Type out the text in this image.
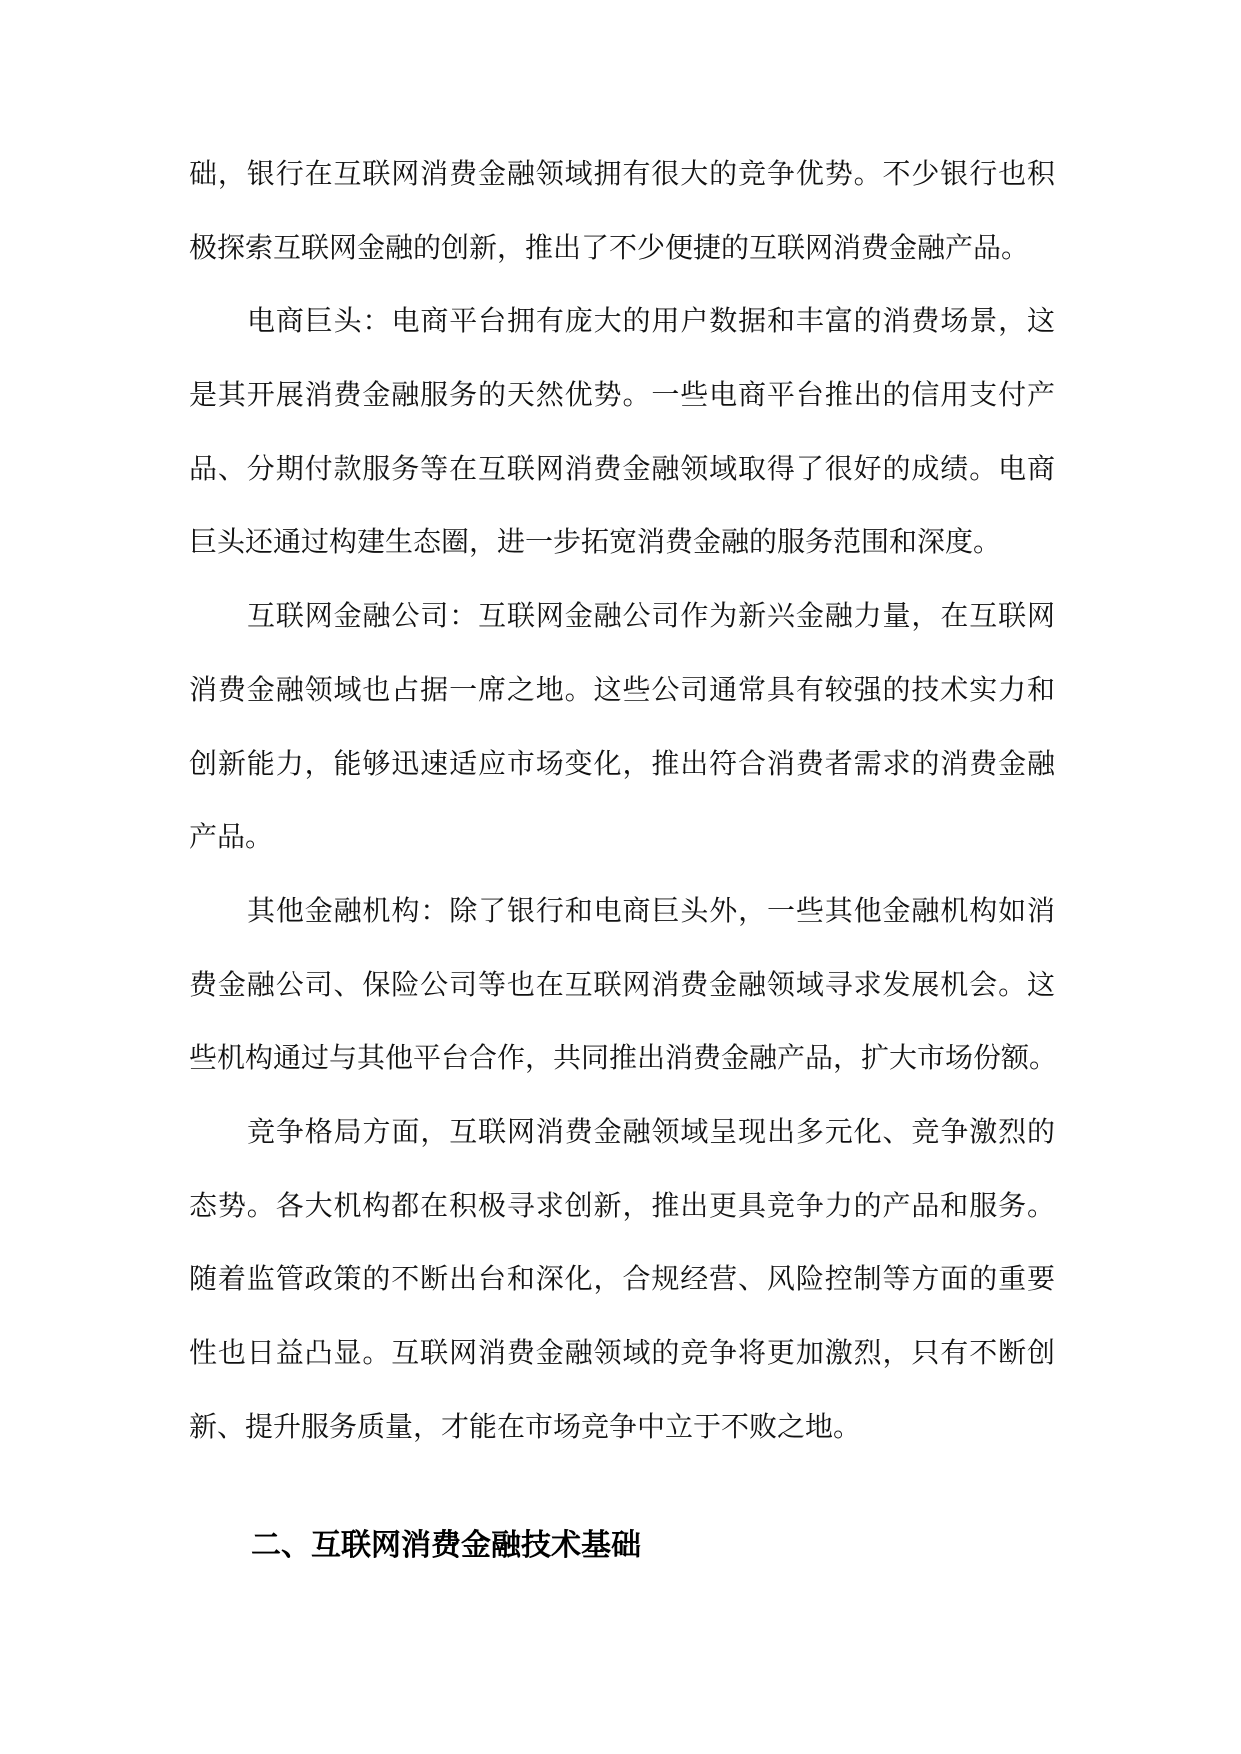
础，银行在互联网消费金融领域拥有很大的竞争优势。不少银行也积
极探索互联网金融的创新，推出了不少便捷的互联网消费金融产品。
电商巨头：电商平台拥有庞大的用户数据和丰富的消费场景，这
是其开展消费金融服务的天然优势。一些电商平台推出的信用支付产
品、分期付款服务等在互联网消费金融领域取得了很好的成绩。电商
巨头还通过构建生态圈，进一步拓宽消费金融的服务范围和深度。
互联网金融公司：互联网金融公司作为新兴金融力量，在互联网
消费金融领域也占据一席之地。这些公司通常具有较强的技术实力和
创新能力，能够迅速适应市场变化，推出符合消费者需求的消费金融
产品。
其他金融机构：除了银行和电商巨头外，一些其他金融机构如消
费金融公司、保险公司等也在互联网消费金融领域寻求发展机会。这
些机构通过与其他平台合作，共同推出消费金融产品，扩大市场份额。
竞争格局方面，互联网消费金融领域呈现出多元化、竞争激烈的
态势。各大机构都在积极寻求创新，推出更具竞争力的产品和服务。
随着监管政策的不断出台和深化，合规经营、风险控制等方面的重要
性也日益凸显。互联网消费金融领域的竞争将更加激烈，只有不断创
新、提升服务质量，才能在市场竞争中立于不败之地。
二、互联网消费金融技术基础
